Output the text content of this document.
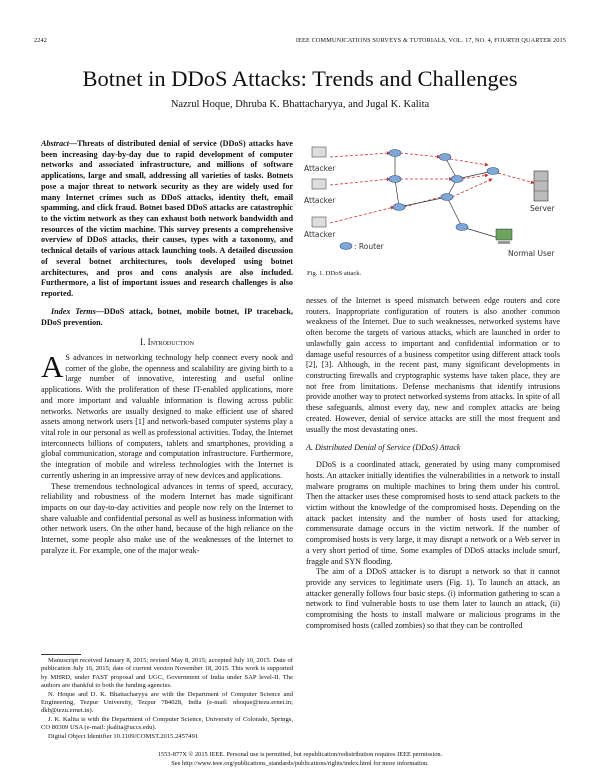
2242	IEEE COMMUNICATIONS SURVEYS & TUTORIALS, VOL. 17, NO. 4, FOURTH QUARTER 2015
Botnet in DDoS Attacks: Trends and Challenges
Nazrul Hoque, Dhruba K. Bhattacharyya, and Jugal K. Kalita

Abstract—Threats of distributed denial of service (DDoS) attacks have been increasing day-by-day due to rapid development of computer networks and associated infrastructure, and millions of software applications, large and small, addressing all varieties of tasks. Botnets pose a major threat to network security as they are widely used for many Internet crimes such as DDoS attacks, identity theft, email spamming, and click fraud. Botnet based DDoS attacks are catastrophic to the victim network as they can exhaust both network bandwidth and resources of the victim machine. This survey presents a comprehensive overview of DDoS attacks, their causes, types with a taxonomy, and technical details of various attack launching tools. A detailed discussion of several botnet architectures, tools developed using botnet architectures, and pros and cons analysis are also included. Furthermore, a list of important issues and research challenges is also reported.

Index Terms—DDoS attack, botnet, mobile botnet, IP traceback, DDoS prevention.

I. Introduction

A S advances in networking technology help connect every nook and corner of the globe, the openness and scalability are giving birth to a large number of innovative, interesting and useful online applications. With the proliferation of these IT-enabled applications, more and more important and valuable information is flowing across public networks. Networks are usually designed to make efficient use of shared assets among network users [1] and network-based computer systems play a vital role in our personal as well as professional activities. Today, the Internet interconnects billions of computers, tablets and smartphones, providing a global communication, storage and computation infrastructure. Furthermore, the integration of mobile and wireless technologies with the Internet is currently ushering in an impressive array of new devices and applications.

These tremendous technological advances in terms of speed, accuracy, reliability and robustness of the modern Internet has made significant impacts on our day-to-day activities and people now rely on the Internet to share valuable and confidential personal as well as business information with other network users. On the other hand, because of the high reliance on the Internet, some people also make use of the weaknesses of the Internet to paralyze it. For example, one of the major weak-

Manuscript received January 8, 2015; revised May 8, 2015; accepted July 10, 2015. Date of publication July 16, 2015; date of current version November 18, 2015. This work is supported by MHRD, under FAST proposal and UGC, Government of India under SAP level-II. The authors are thankful to both the funding agencies.

N. Hoque and D. K. Bhattacharyya are with the Department of Computer Science and Engineering, Tezpur University, Tezpur 784028, India (e-mail: nhoque@tezu.ernet.in; dkb@tezu.ernet.in).

J. K. Kalita is with the Department of Computer Science, University of Colorado, Springs, CO 80309 USA (e-mail: jkalita@uccs.edu).

Digital Object Identifier 10.1109/COMST.2015.2457491

Attacker
Attacker
Attacker
: Router
Server
Normal User
Fig. 1. DDoS attack.

nesses of the Internet is speed mismatch between edge routers and core routers. Inappropriate configuration of routers is also another common weakness of the Internet. Due to such weaknesses, networked systems have often become the targets of various attacks, which are launched in order to unlawfully gain access to important and confidential information or to damage useful resources of a business competitor using different attack tools [2], [3]. Although, in the recent past, many significant developments in constructing firewalls and cryptographic systems have taken place, they are not free from limitations. Defense mechanisms that identify intrusions provide another way to protect networked systems from attacks. In spite of all these safeguards, almost every day, new and complex attacks are being created. However, denial of service attacks are still the most frequent and usually the most devastating ones.

A. Distributed Denial of Service (DDoS) Attack

DDoS is a coordinated attack, generated by using many compromised hosts. An attacker initially identifies the vulnerabilities in a network to install malware programs on multiple machines to bring them under his control. Then the attacker uses these compromised hosts to send attack packets to the victim without the knowledge of the compromised hosts. Depending on the attack packet intensity and the number of hosts used for attacking, commensurate damage occurs in the victim network. If the number of compromised hosts is very large, it may disrupt a network or a Web server in a very short period of time. Some examples of DDoS attacks include smurf, fraggle and SYN flooding.

The aim of a DDoS attacker is to disrupt a network so that it cannot provide any services to legitimate users (Fig. 1). To launch an attack, an attacker generally follows four basic steps. (i) information gathering to scan a network to find vulnerable hosts to use them later to launch an attack, (ii) compromising the hosts to install malware or malicious programs in the compromised hosts (called zombies) so that they can be controlled

1553-877X © 2015 IEEE. Personal use is permitted, but republication/redistribution requires IEEE permission.
See http://www.ieee.org/publications_standards/publications/rights/index.html for more information.
